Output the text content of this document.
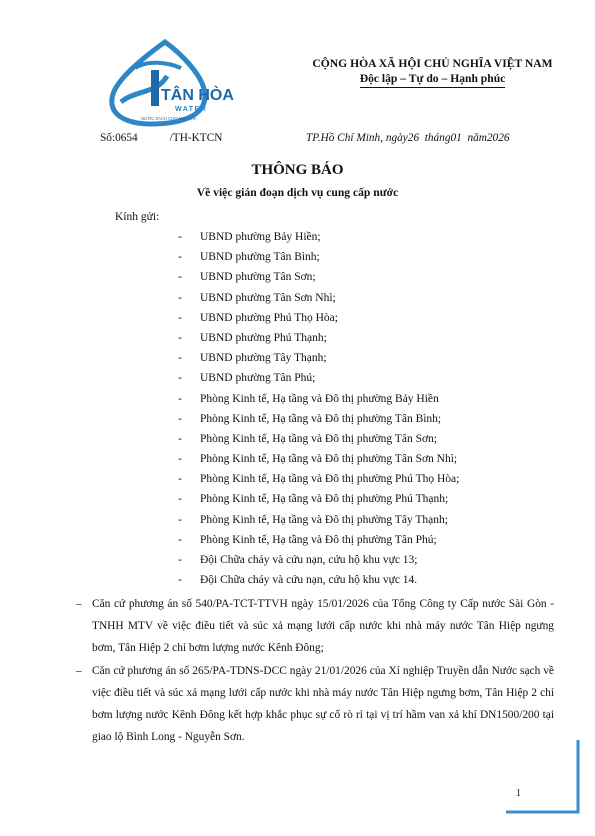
TÂN HÒA
WATER
NƯỚC SẠCH CHO MỌI NHÀ
CỘNG HÒA XÃ HỘI CHỦ NGHĨA VIỆT NAM
Độc lập – Tự do – Hạnh phúc
Số:0654	/TH-KTCN	TP.Hồ Chí Minh, ngày26 tháng01 năm2026
THÔNG BÁO
Về việc gián đoạn dịch vụ cung cấp nước
Kính gửi:
- UBND phường Bảy Hiền;
- UBND phường Tân Bình;
- UBND phường Tân Sơn;
- UBND phường Tân Sơn Nhì;
- UBND phường Phú Thọ Hòa;
- UBND phường Phú Thạnh;
- UBND phường Tây Thạnh;
- UBND phường Tân Phú;
- Phòng Kinh tế, Hạ tầng và Đô thị phường Bảy Hiền
- Phòng Kinh tế, Hạ tầng và Đô thị phường Tân Bình;
- Phòng Kinh tế, Hạ tầng và Đô thị phường Tân Sơn;
- Phòng Kinh tế, Hạ tầng và Đô thị phường Tân Sơn Nhì;
- Phòng Kinh tế, Hạ tầng và Đô thị phường Phú Thọ Hòa;
- Phòng Kinh tế, Hạ tầng và Đô thị phường Phú Thạnh;
- Phòng Kinh tế, Hạ tầng và Đô thị phường Tây Thạnh;
- Phòng Kinh tế, Hạ tầng và Đô thị phường Tân Phú;
- Đội Chữa cháy và cứu nạn, cứu hộ khu vực 13;
- Đội Chữa cháy và cứu nạn, cứu hộ khu vực 14.
– Căn cứ phương án số 540/PA-TCT-TTVH ngày 15/01/2026 của Tổng Công ty Cấp nước Sài Gòn - TNHH MTV về việc điều tiết và súc xả mạng lưới cấp nước khi nhà máy nước Tân Hiệp ngưng bơm, Tân Hiệp 2 chỉ bơm lượng nước Kênh Đông;
– Căn cứ phương án số 265/PA-TDNS-DCC ngày 21/01/2026 của Xí nghiệp Truyền dẫn Nước sạch về việc điều tiết và súc xả mạng lưới cấp nước khi nhà máy nước Tân Hiệp ngưng bơm, Tân Hiệp 2 chỉ bơm lượng nước Kênh Đông kết hợp khắc phục sự cố rò rỉ tại vị trí hầm van xả khí DN1500/200 tại giao lộ Bình Long - Nguyễn Sơn.
1
